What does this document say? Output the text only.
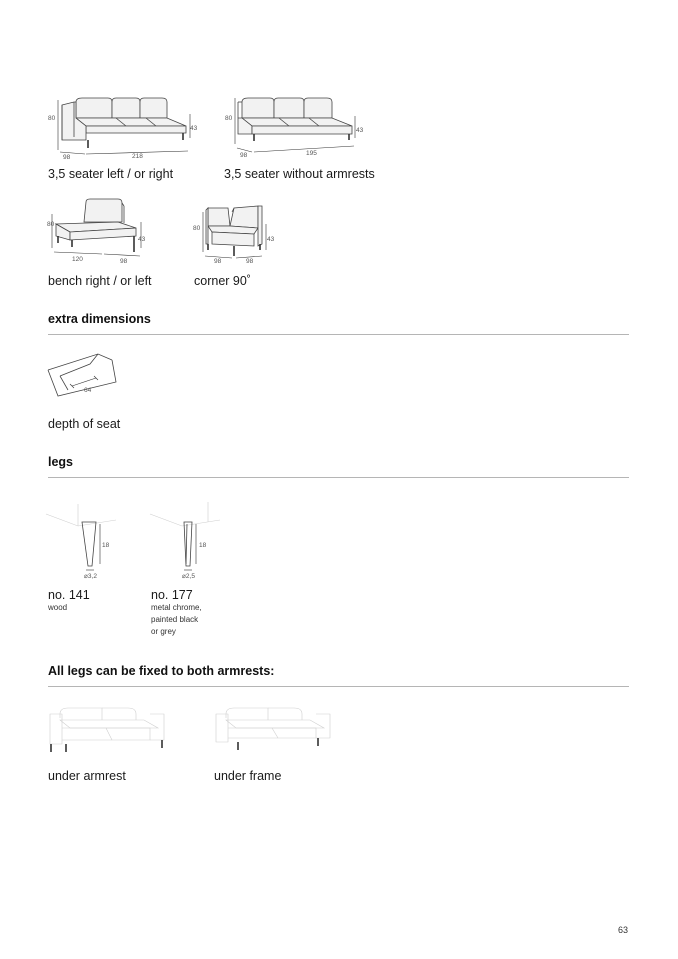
80
43
98	218
3,5 seater left / or right
80
43
98	195
3,5 seater without armrests
80
43
120	98
bench right / or left
80
43
98	98
corner 90˚
extra dimensions
64
depth of seat
legs
18
⌀3,2
no. 141
wood
18
⌀2,5
no. 177
metal chrome,
painted black
or grey
All legs can be fixed to both armrests:
under armrest	under frame
63
